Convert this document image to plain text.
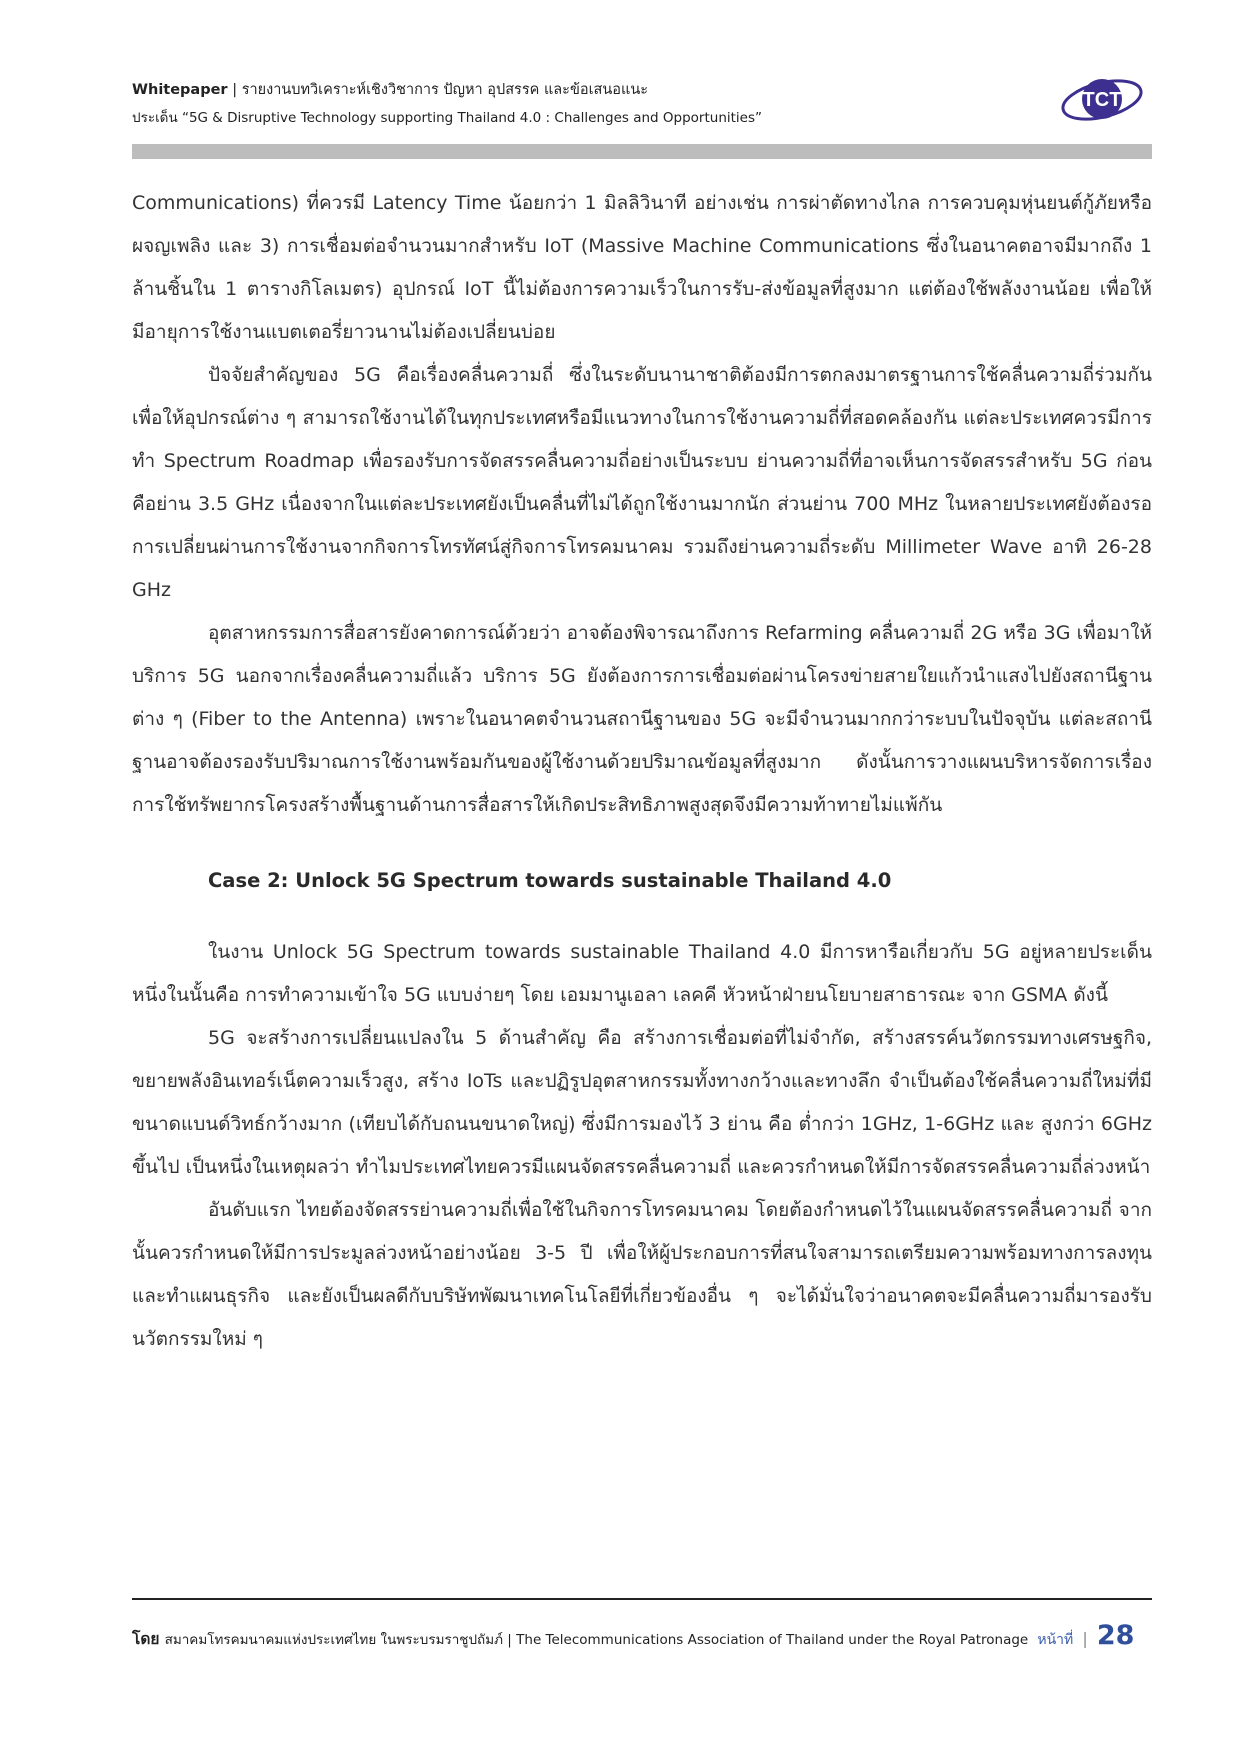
Whitepaper | รายงานบทวิเคราะห์เชิงวิชาการ ปัญหา อุปสรรค และข้อเสนอแนะ
ประเด็น “5G & Disruptive Technology supporting Thailand 4.0 : Challenges and Opportunities”
TCT

Communications) ที่ควรมี Latency Time น้อยกว่า 1 มิลลิวินาที อย่างเช่น การผ่าตัดทางไกล การควบคุมหุ่นยนต์กู้ภัยหรือผจญเพลิง และ 3) การเชื่อมต่อจำนวนมากสำหรับ IoT (Massive Machine Communications ซึ่งในอนาคตอาจมีมากถึง 1 ล้านชิ้นใน 1 ตารางกิโลเมตร) อุปกรณ์ IoT นี้ไม่ต้องการความเร็วในการรับ-ส่งข้อมูลที่สูงมาก แต่ต้องใช้พลังงานน้อย เพื่อให้มีอายุการใช้งานแบตเตอรี่ยาวนานไม่ต้องเปลี่ยนบ่อย

ปัจจัยสำคัญของ 5G คือเรื่องคลื่นความถี่ ซึ่งในระดับนานาชาติต้องมีการตกลงมาตรฐานการใช้คลื่นความถี่ร่วมกัน เพื่อให้อุปกรณ์ต่าง ๆ สามารถใช้งานได้ในทุกประเทศหรือมีแนวทางในการใช้งานความถี่ที่สอดคล้องกัน แต่ละประเทศควรมีการทำ Spectrum Roadmap เพื่อรองรับการจัดสรรคลื่นความถี่อย่างเป็นระบบ ย่านความถี่ที่อาจเห็นการจัดสรรสำหรับ 5G ก่อนคือย่าน 3.5 GHz เนื่องจากในแต่ละประเทศยังเป็นคลื่นที่ไม่ได้ถูกใช้งานมากนัก ส่วนย่าน 700 MHz ในหลายประเทศยังต้องรอการเปลี่ยนผ่านการใช้งานจากกิจการโทรทัศน์สู่กิจการโทรคมนาคม รวมถึงย่านความถี่ระดับ Millimeter Wave อาทิ 26-28 GHz

อุตสาหกรรมการสื่อสารยังคาดการณ์ด้วยว่า อาจต้องพิจารณาถึงการ Refarming คลื่นความถี่ 2G หรือ 3G เพื่อมาให้บริการ 5G นอกจากเรื่องคลื่นความถี่แล้ว บริการ 5G ยังต้องการการเชื่อมต่อผ่านโครงข่ายสายใยแก้วนำแสงไปยังสถานีฐานต่าง ๆ (Fiber to the Antenna) เพราะในอนาคตจำนวนสถานีฐานของ 5G จะมีจำนวนมากกว่าระบบในปัจจุบัน แต่ละสถานีฐานอาจต้องรองรับปริมาณการใช้งานพร้อมกันของผู้ใช้งานด้วยปริมาณข้อมูลที่สูงมาก ดังนั้นการวางแผนบริหารจัดการเรื่องการใช้ทรัพยากรโครงสร้างพื้นฐานด้านการสื่อสารให้เกิดประสิทธิภาพสูงสุดจึงมีความท้าทายไม่แพ้กัน

Case 2: Unlock 5G Spectrum towards sustainable Thailand 4.0

ในงาน Unlock 5G Spectrum towards sustainable Thailand 4.0 มีการหารือเกี่ยวกับ 5G อยู่หลายประเด็น หนึ่งในนั้นคือ การทำความเข้าใจ 5G แบบง่ายๆ โดย เอมมานูเอลา เลคคี หัวหน้าฝ่ายนโยบายสาธารณะ จาก GSMA ดังนี้

5G จะสร้างการเปลี่ยนแปลงใน 5 ด้านสำคัญ คือ สร้างการเชื่อมต่อที่ไม่จำกัด, สร้างสรรค์นวัตกรรมทางเศรษฐกิจ, ขยายพลังอินเทอร์เน็ตความเร็วสูง, สร้าง IoTs และปฏิรูปอุตสาหกรรมทั้งทางกว้างและทางลึก จำเป็นต้องใช้คลื่นความถี่ใหม่ที่มีขนาดแบนด์วิทธ์กว้างมาก (เทียบได้กับถนนขนาดใหญ่) ซึ่งมีการมองไว้ 3 ย่าน คือ ต่ำกว่า 1GHz, 1-6GHz และ สูงกว่า 6GHz ขึ้นไป เป็นหนึ่งในเหตุผลว่า ทำไมประเทศไทยควรมีแผนจัดสรรคลื่นความถี่ และควรกำหนดให้มีการจัดสรรคลื่นความถี่ล่วงหน้า

อันดับแรก ไทยต้องจัดสรรย่านความถี่เพื่อใช้ในกิจการโทรคมนาคม โดยต้องกำหนดไว้ในแผนจัดสรรคลื่นความถี่ จากนั้นควรกำหนดให้มีการประมูลล่วงหน้าอย่างน้อย 3-5 ปี เพื่อให้ผู้ประกอบการที่สนใจสามารถเตรียมความพร้อมทางการลงทุนและทำแผนธุรกิจ และยังเป็นผลดีกับบริษัทพัฒนาเทคโนโลยีที่เกี่ยวข้องอื่น ๆ จะได้มั่นใจว่าอนาคตจะมีคลื่นความถี่มารองรับนวัตกรรมใหม่ ๆ

โดย สมาคมโทรคมนาคมแห่งประเทศไทย ในพระบรมราชูปถัมภ์ | The Telecommunications Association of Thailand under the Royal Patronage หน้าที่ | 28
